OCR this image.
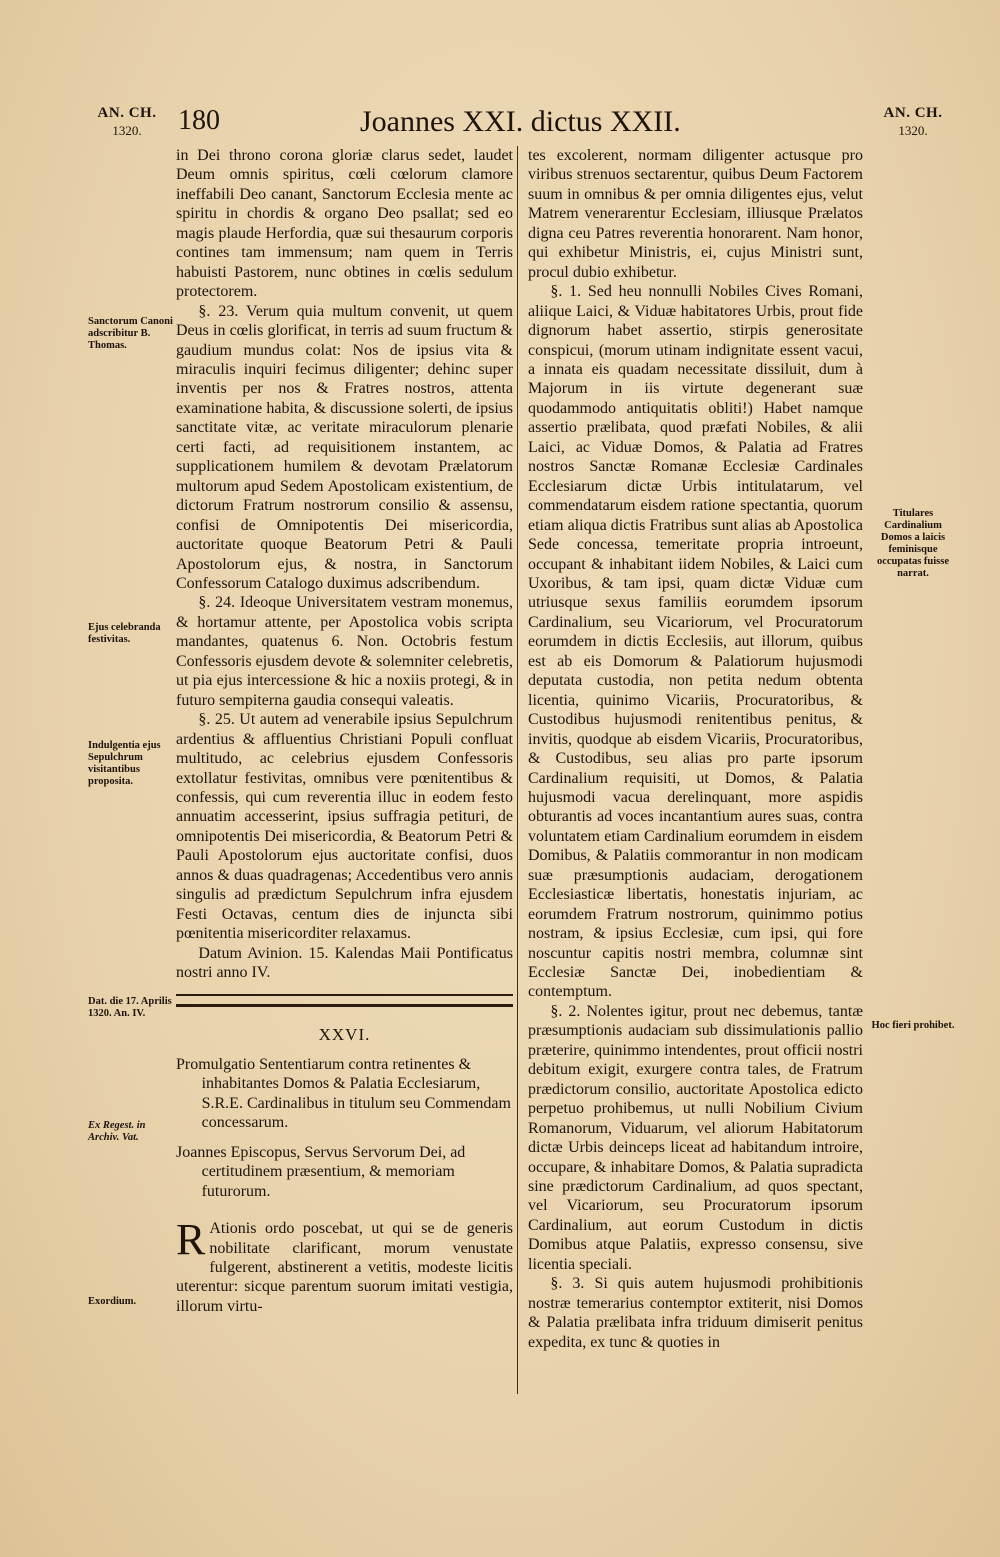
AN. CH.
1320.	180	Joannes XXI. dictus XXII.	AN. CH.
1320.
Sanctorum Canoni adscribitur B. Thomas.
Ejus celebranda festivitas.
Indulgentia ejus Sepulchrum visitantibus proposita.
Dat. die 17. Aprilis 1320. An. IV.
Ex Regest. in Archiv. Vat.
Exordium.
Titulares Cardinalium Domos a laicis feminisque occupatas fuisse narrat.
Hoc fieri prohibet.

in Dei throno corona gloriæ clarus sedet, laudet Deum omnis spiritus, cœli cœlorum clamore ineffabili Deo canant, Sanctorum Ecclesia mente ac spiritu in chordis & organo Deo psallat; sed eo magis plaude Herfordia, quæ sui thesaurum corporis contines tam immensum; nam quem in Terris habuisti Pastorem, nunc obtines in cœlis sedulum protectorem.

§. 23. Verum quia multum convenit, ut quem Deus in cœlis glorificat, in terris ad suum fructum & gaudium mundus colat: Nos de ipsius vita & miraculis inquiri fecimus diligenter; dehinc super inventis per nos & Fratres nostros, attenta examinatione habita, & discussione solerti, de ipsius sanctitate vitæ, ac veritate miraculorum plenarie certi facti, ad requisitionem instantem, ac supplicationem humilem & devotam Prælatorum multorum apud Sedem Apostolicam existentium, de dictorum Fratrum nostrorum consilio & assensu, confisi de Omnipotentis Dei misericordia, auctoritate quoque Beatorum Petri & Pauli Apostolorum ejus, & nostra, in Sanctorum Confessorum Catalogo duximus adscribendum.

§. 24. Ideoque Universitatem vestram monemus, & hortamur attente, per Apostolica vobis scripta mandantes, quatenus 6. Non. Octobris festum Confessoris ejusdem devote & solemniter celebretis, ut pia ejus intercessione & hic a noxiis protegi, & in futuro sempiterna gaudia consequi valeatis.

§. 25. Ut autem ad venerabile ipsius Sepulchrum ardentius & affluentius Christiani Populi confluat multitudo, ac celebrius ejusdem Confessoris extollatur festivitas, omnibus vere pœnitentibus & confessis, qui cum reverentia illuc in eodem festo annuatim accesserint, ipsius suffragia petituri, de omnipotentis Dei misericordia, & Beatorum Petri & Pauli Apostolorum ejus auctoritate confisi, duos annos & duas quadragenas; Accedentibus vero annis singulis ad prædictum Sepulchrum infra ejusdem Festi Octavas, centum dies de injuncta sibi pœnitentia misericorditer relaxamus.

Datum Avinion. 15. Kalendas Maii Pontificatus nostri anno IV.

XXVI.

Promulgatio Sententiarum contra retinentes & inhabitantes Domos & Palatia Ecclesiarum, S.R.E. Cardinalibus in titulum seu Commendam concessarum.

Joannes Episcopus, Servus Servorum Dei, ad certitudinem præsentium, & memoriam futurorum.

R Ationis ordo poscebat, ut qui se de generis nobilitate clarificant, morum venustate fulgerent, abstinerent a vetitis, modeste licitis uterentur: sicque parentum suorum imitati vestigia, illorum virtu-

tes excolerent, normam diligenter actusque pro viribus strenuos sectarentur, quibus Deum Factorem suum in omnibus & per omnia diligentes ejus, velut Matrem venerarentur Ecclesiam, illiusque Prælatos digna ceu Patres reverentia honorarent. Nam honor, qui exhibetur Ministris, ei, cujus Ministri sunt, procul dubio exhibetur.

§. 1. Sed heu nonnulli Nobiles Cives Romani, aliique Laici, & Viduæ habitatores Urbis, prout fide dignorum habet assertio, stirpis generositate conspicui, (morum utinam indignitate essent vacui, a innata eis quadam necessitate dissiluit, dum à Majorum in iis virtute degenerant suæ quodammodo antiquitatis obliti!) Habet namque assertio prælibata, quod præfati Nobiles, & alii Laici, ac Viduæ Domos, & Palatia ad Fratres nostros Sanctæ Romanæ Ecclesiæ Cardinales Ecclesiarum dictæ Urbis intitulatarum, vel commendatarum eisdem ratione spectantia, quorum etiam aliqua dictis Fratribus sunt alias ab Apostolica Sede concessa, temeritate propria introeunt, occupant & inhabitant iidem Nobiles, & Laici cum Uxoribus, & tam ipsi, quam dictæ Viduæ cum utriusque sexus familiis eorumdem ipsorum Cardinalium, seu Vicariorum, vel Procuratorum eorumdem in dictis Ecclesiis, aut illorum, quibus est ab eis Domorum & Palatiorum hujusmodi deputata custodia, non petita nedum obtenta licentia, quinimo Vicariis, Procuratoribus, & Custodibus hujusmodi renitentibus penitus, & invitis, quodque ab eisdem Vicariis, Procuratoribus, & Custodibus, seu alias pro parte ipsorum Cardinalium requisiti, ut Domos, & Palatia hujusmodi vacua derelinquant, more aspidis obturantis ad voces incantantium aures suas, contra voluntatem etiam Cardinalium eorumdem in eisdem Domibus, & Palatiis commorantur in non modicam suæ præsumptionis audaciam, derogationem Ecclesiasticæ libertatis, honestatis injuriam, ac eorumdem Fratrum nostrorum, quinimmo potius nostram, & ipsius Ecclesiæ, cum ipsi, qui fore noscuntur capitis nostri membra, columnæ sint Ecclesiæ Sanctæ Dei, inobedientiam & contemptum.

§. 2. Nolentes igitur, prout nec debemus, tantæ præsumptionis audaciam sub dissimulationis pallio præterire, quinimmo intendentes, prout officii nostri debitum exigit, exurgere contra tales, de Fratrum prædictorum consilio, auctoritate Apostolica edicto perpetuo prohibemus, ut nulli Nobilium Civium Romanorum, Viduarum, vel aliorum Habitatorum dictæ Urbis deinceps liceat ad habitandum introire, occupare, & inhabitare Domos, & Palatia supradicta sine prædictorum Cardinalium, ad quos spectant, vel Vicariorum, seu Procuratorum ipsorum Cardinalium, aut eorum Custodum in dictis Domibus atque Palatiis, expresso consensu, sive licentia speciali.

§. 3. Si quis autem hujusmodi prohibitionis nostræ temerarius contemptor extiterit, nisi Domos & Palatia prælibata infra triduum dimiserit penitus expedita, ex tunc & quoties in
